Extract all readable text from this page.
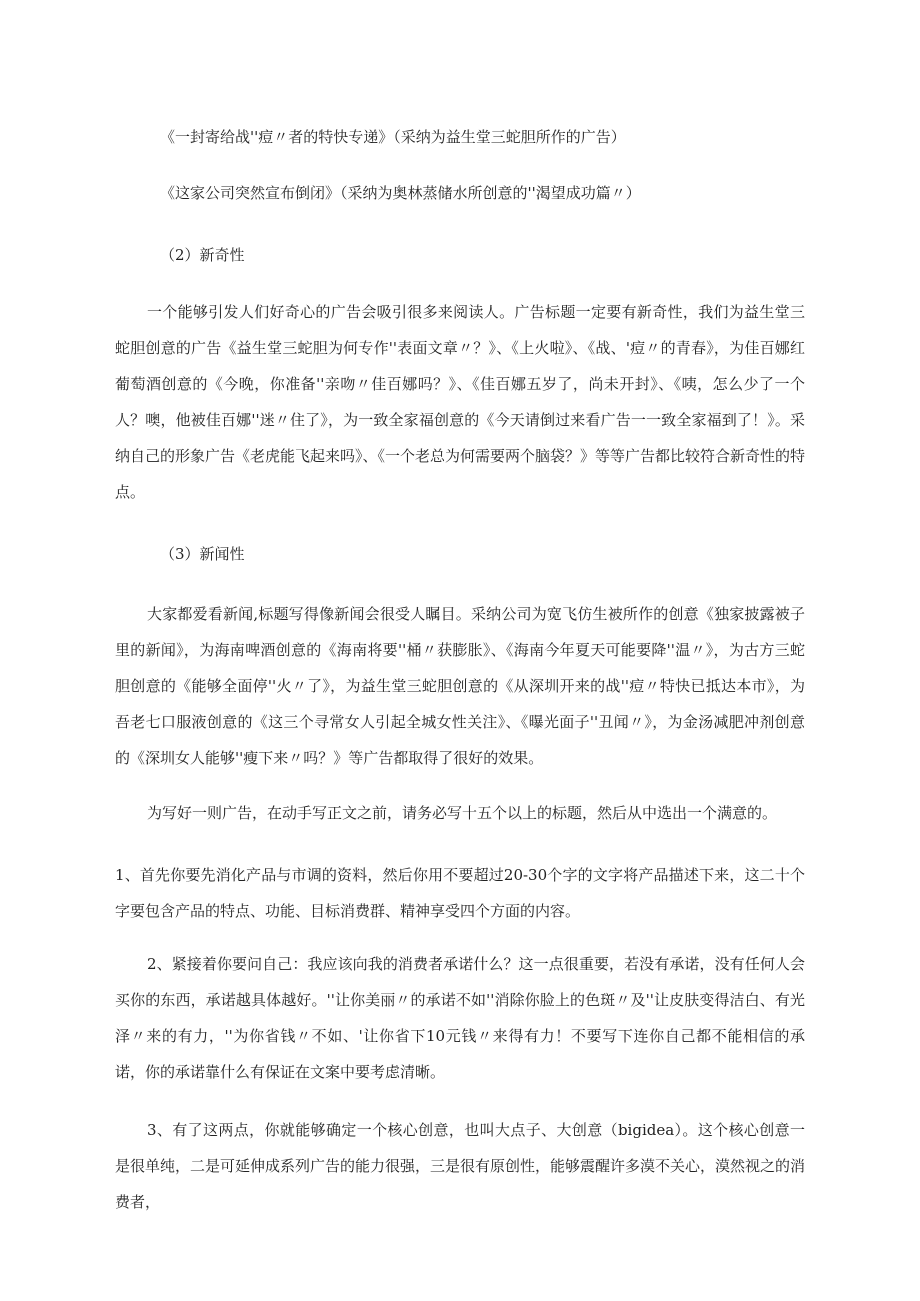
《一封寄给战''痘〃者的特快专递》（采纳为益生堂三蛇胆所作的广告）

《这家公司突然宣布倒闭》（采纳为奥林蒸储水所创意的''渴望成功篇〃）

（2）新奇性

一个能够引发人们好奇心的广告会吸引很多来阅读人。广告标题一定要有新奇性，我们为益生堂三蛇胆创意的广告《益生堂三蛇胆为何专作''表面文章〃？》、《上火啦》、《战、'痘〃的青春》，为佳百娜红葡萄酒创意的《今晚，你准备''亲吻〃佳百娜吗？》、《佳百娜五岁了，尚未开封》、《咦，怎么少了一个人？噢，他被佳百娜''迷〃住了》，为一致全家福创意的《今天请倒过来看广告一一致全家福到了！》。采纳自己的形象广告《老虎能飞起来吗》、《一个老总为何需要两个脑袋？》等等广告都比较符合新奇性的特点。

（3）新闻性

大家都爱看新闻,标题写得像新闻会很受人瞩目。采纳公司为宽飞仿生被所作的创意《独家披露被子里的新闻》，为海南啤酒创意的《海南将要''桶〃获膨胀》、《海南今年夏天可能要降''温〃》，为古方三蛇胆创意的《能够全面停''火〃了》，为益生堂三蛇胆创意的《从深圳开来的战''痘〃特快已抵达本市》，为吾老七口服液创意的《这三个寻常女人引起全城女性关注》、《曝光面子''丑闻〃》，为金汤减肥冲剂创意的《深圳女人能够''瘦下来〃吗？》等广告都取得了很好的效果。

为写好一则广告，在动手写正文之前，请务必写十五个以上的标题，然后从中选出一个满意的。

1、首先你要先消化产品与市调的资料，然后你用不要超过20-30个字的文字将产品描述下来，这二十个字要包含产品的特点、功能、目标消费群、精神享受四个方面的内容。

2、紧接着你要问自己：我应该向我的消费者承诺什么？这一点很重要，若没有承诺，没有任何人会买你的东西，承诺越具体越好。''让你美丽〃的承诺不如''消除你脸上的色斑〃及''让皮肤变得洁白、有光泽〃来的有力，''为你省钱〃不如、'让你省下10元钱〃来得有力！不要写下连你自己都不能相信的承诺，你的承诺靠什么有保证在文案中要考虑清晰。

3、有了这两点，你就能够确定一个核心创意，也叫大点子、大创意（bigidea）。这个核心创意一是很单纯，二是可延伸成系列广告的能力很强，三是很有原创性，能够震醒许多漠不关心，漠然视之的消费者，
